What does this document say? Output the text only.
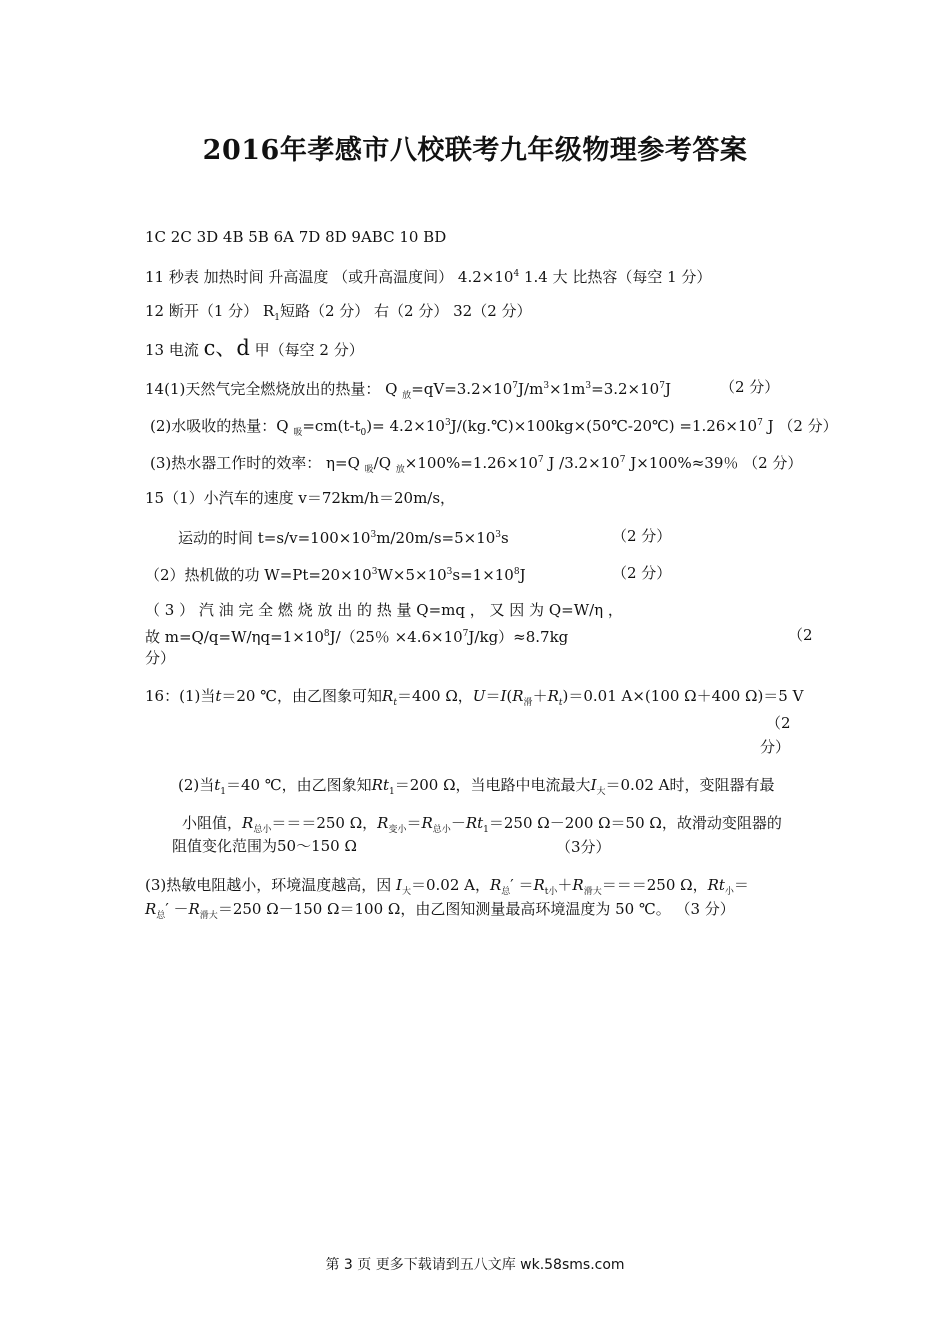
2016年孝感市八校联考九年级物理参考答案
1C 2C 3D 4B 5B 6A 7D 8D 9ABC 10 BD
11 秒表 加热时间 升高温度 （或升高温度间） $4.2\times 10^4$ 1.4 大 比热容（每空 1 分）
12 断开（1 分） $R_1$短路（2 分） 右（2 分） 32（2 分）
13 电流 c、d 甲（每空 2 分）
14(1)天然气完全燃烧放出的热量： Q $_放=qV=3.2\times 10^7J/m^3\times 1m^3=3.2\times 10^7J$	（2 分）
(2)水吸收的热量：Q $_吸=cm(t-t_0)=$ $4.2\times 10^3J/(kg.℃)\times 100kg\times(50℃-20℃) =1.26\times 10^7$ J （2 分）
(3)热水器工作时的效率： η=Q $_吸$/Q $_放\times 100\%=1.26\times 10^7$ J $/3.2\times 10^7$ J×100%≈39％ （2 分）
15（1）小汽车的速度 v＝72km/h＝20m/s，
运动的时间 $t=s/v=100\times 10^3m/20m/s=5\times 10^3s$	（2 分）
（2）热机做的功 $W=Pt=20\times 10^3W\times 5\times 10^3s=1\times 10^8J$	（2 分）
（ 3 ） 汽 油 完 全 燃 烧 放 出 的 热 量 Q=mq ， 又 因 为 Q=W/η ，
故 $m=Q/q=W/\eta q=1\times 10^8J/(25$％ $\times 4.6\times 10^7J/kg)\approx 8.7kg$	（2
分）
16：(1)当t＝20 ℃，由乙图象可知$R_t=400$ Ω，$U=I(R_滑+R_t)=0.01$ A×(100 Ω＋400 Ω)＝5 V
（2
分）
(2)当$t_1=40$ ℃，由乙图象知$Rt_1=200$ Ω，当电路中电流最大$I_大=0.02$ A时，变阻器有最
小阻值，$R_{总小}===250$ Ω，$R_{变小}=R_{总小}-Rt_1=250$ Ω－200 Ω＝50 Ω，故滑动变阻器的
阻值变化范围为50～150 Ω	（3分）
(3)热敏电阻越小，环境温度越高，因 $I_大=0.02$ A，$R_总' =R_{t小}+R_{滑大}===250$ Ω，$Rt_小=$
$R_总' -R_{滑大}=250$ Ω－150 Ω＝100 Ω，由乙图知测量最高环境温度为 50 ℃。 （3 分）
第 3 页 更多下载请到五八文库 wk.58sms.com
